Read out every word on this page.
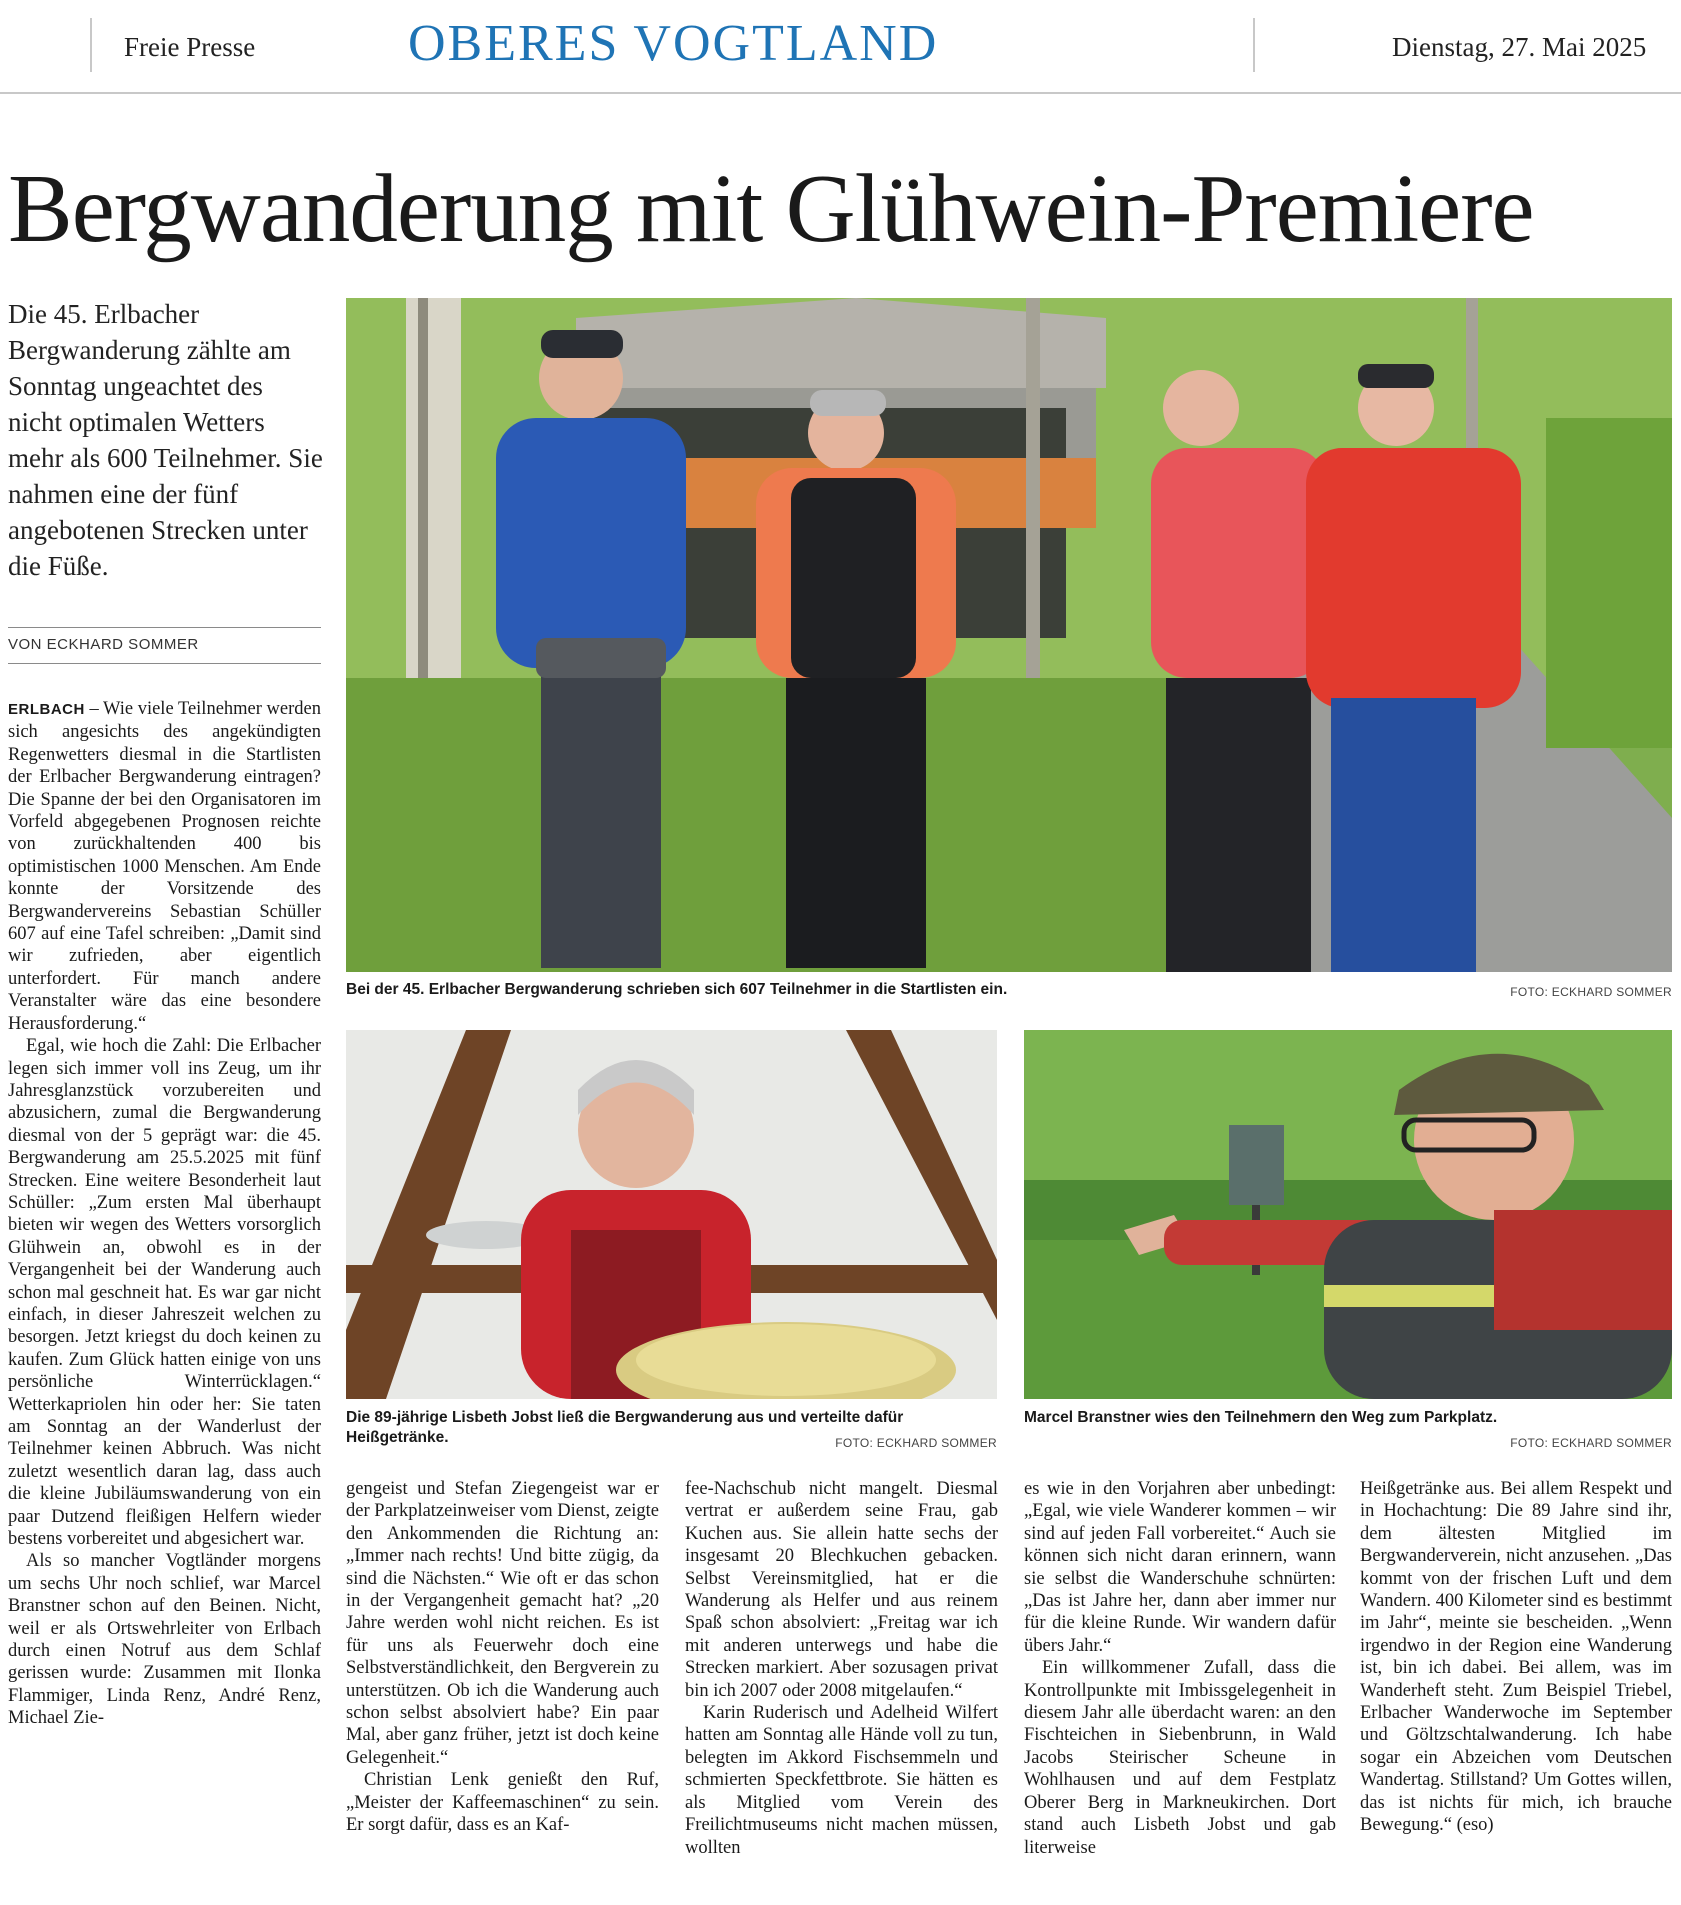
Freie Presse	OBERES VOGTLAND	Dienstag, 27. Mai 2025
Bergwanderung mit Glühwein-Premiere
Die 45. Erlbacher Bergwanderung zählte am Sonntag ungeachtet des nicht optimalen Wetters mehr als 600 Teilnehmer. Sie nahmen eine der fünf angebotenen Strecken unter die Füße.
VON ECKHARD SOMMER
Bei der 45. Erlbacher Bergwanderung schrieben sich 607 Teilnehmer in die Startlisten ein.	FOTO: ECKHARD SOMMER
Die 89-jährige Lisbeth Jobst ließ die Bergwanderung aus und verteilte dafür Heißgetränke.	FOTO: ECKHARD SOMMER
Marcel Branstner wies den Teilnehmern den Weg zum Parkplatz.
FOTO: ECKHARD SOMMER

ERLBACH – Wie viele Teilnehmer werden sich angesichts des angekündigten Regenwetters diesmal in die Startlisten der Erlbacher Bergwanderung eintragen? Die Spanne der bei den Organisatoren im Vorfeld abgegebenen Prognosen reichte von zurückhaltenden 400 bis optimistischen 1000 Menschen. Am Ende konnte der Vorsitzende des Bergwandervereins Sebastian Schüller 607 auf eine Tafel schreiben: „Damit sind wir zufrieden, aber eigentlich unterfordert. Für manch andere Veranstalter wäre das eine besondere Herausforderung.“

Egal, wie hoch die Zahl: Die Erlbacher legen sich immer voll ins Zeug, um ihr Jahresglanzstück vorzubereiten und abzusichern, zumal die Bergwanderung diesmal von der 5 geprägt war: die 45. Bergwanderung am 25.5.2025 mit fünf Strecken. Eine weitere Besonderheit laut Schüller: „Zum ersten Mal überhaupt bieten wir wegen des Wetters vorsorglich Glühwein an, obwohl es in der Vergangenheit bei der Wanderung auch schon mal geschneit hat. Es war gar nicht einfach, in dieser Jahreszeit welchen zu besorgen. Jetzt kriegst du doch keinen zu kaufen. Zum Glück hatten einige von uns persönliche Winterrücklagen.“ Wetterkapriolen hin oder her: Sie taten am Sonntag an der Wanderlust der Teilnehmer keinen Abbruch. Was nicht zuletzt wesentlich daran lag, dass auch die kleine Jubiläumswanderung von ein paar Dutzend fleißigen Helfern wieder bestens vorbereitet und abgesichert war.

Als so mancher Vogtländer morgens um sechs Uhr noch schlief, war Marcel Branstner schon auf den Beinen. Nicht, weil er als Ortswehrleiter von Erlbach durch einen Notruf aus dem Schlaf gerissen wurde: Zusammen mit Ilonka Flammiger, Linda Renz, André Renz, Michael Zie-

gengeist und Stefan Ziegengeist war er der Parkplatzeinweiser vom Dienst, zeigte den Ankommenden die Richtung an: „Immer nach rechts! Und bitte zügig, da sind die Nächsten.“ Wie oft er das schon in der Vergangenheit gemacht hat? „20 Jahre werden wohl nicht reichen. Es ist für uns als Feuerwehr doch eine Selbstverständlichkeit, den Bergverein zu unterstützen. Ob ich die Wanderung auch schon selbst absolviert habe? Ein paar Mal, aber ganz früher, jetzt ist doch keine Gelegenheit.“

Christian Lenk genießt den Ruf, „Meister der Kaffeemaschinen“ zu sein. Er sorgt dafür, dass es an Kaf-

fee-Nachschub nicht mangelt. Diesmal vertrat er außerdem seine Frau, gab Kuchen aus. Sie allein hatte sechs der insgesamt 20 Blechkuchen gebacken. Selbst Vereinsmitglied, hat er die Wanderung als Helfer und aus reinem Spaß schon absolviert: „Freitag war ich mit anderen unterwegs und habe die Strecken markiert. Aber sozusagen privat bin ich 2007 oder 2008 mitgelaufen.“

Karin Ruderisch und Adelheid Wilfert hatten am Sonntag alle Hände voll zu tun, belegten im Akkord Fischsemmeln und schmierten Speckfettbrote. Sie hätten es als Mitglied vom Verein des Freilichtmuseums nicht machen müssen, wollten

es wie in den Vorjahren aber unbedingt: „Egal, wie viele Wanderer kommen – wir sind auf jeden Fall vorbereitet.“ Auch sie können sich nicht daran erinnern, wann sie selbst die Wanderschuhe schnürten: „Das ist Jahre her, dann aber immer nur für die kleine Runde. Wir wandern dafür übers Jahr.“

Ein willkommener Zufall, dass die Kontrollpunkte mit Imbissgelegenheit in diesem Jahr alle überdacht waren: an den Fischteichen in Siebenbrunn, in Wald Jacobs Steirischer Scheune in Wohlhausen und auf dem Festplatz Oberer Berg in Markneukirchen. Dort stand auch Lisbeth Jobst und gab literweise

Heißgetränke aus. Bei allem Respekt und in Hochachtung: Die 89 Jahre sind ihr, dem ältesten Mitglied im Bergwanderverein, nicht anzusehen. „Das kommt von der frischen Luft und dem Wandern. 400 Kilometer sind es bestimmt im Jahr“, meinte sie bescheiden. „Wenn irgendwo in der Region eine Wanderung ist, bin ich dabei. Bei allem, was im Wanderheft steht. Zum Beispiel Triebel, Erlbacher Wanderwoche im September und Göltzschtalwanderung. Ich habe sogar ein Abzeichen vom Deutschen Wandertag. Stillstand? Um Gottes willen, das ist nichts für mich, ich brauche Bewegung.“ (eso)
